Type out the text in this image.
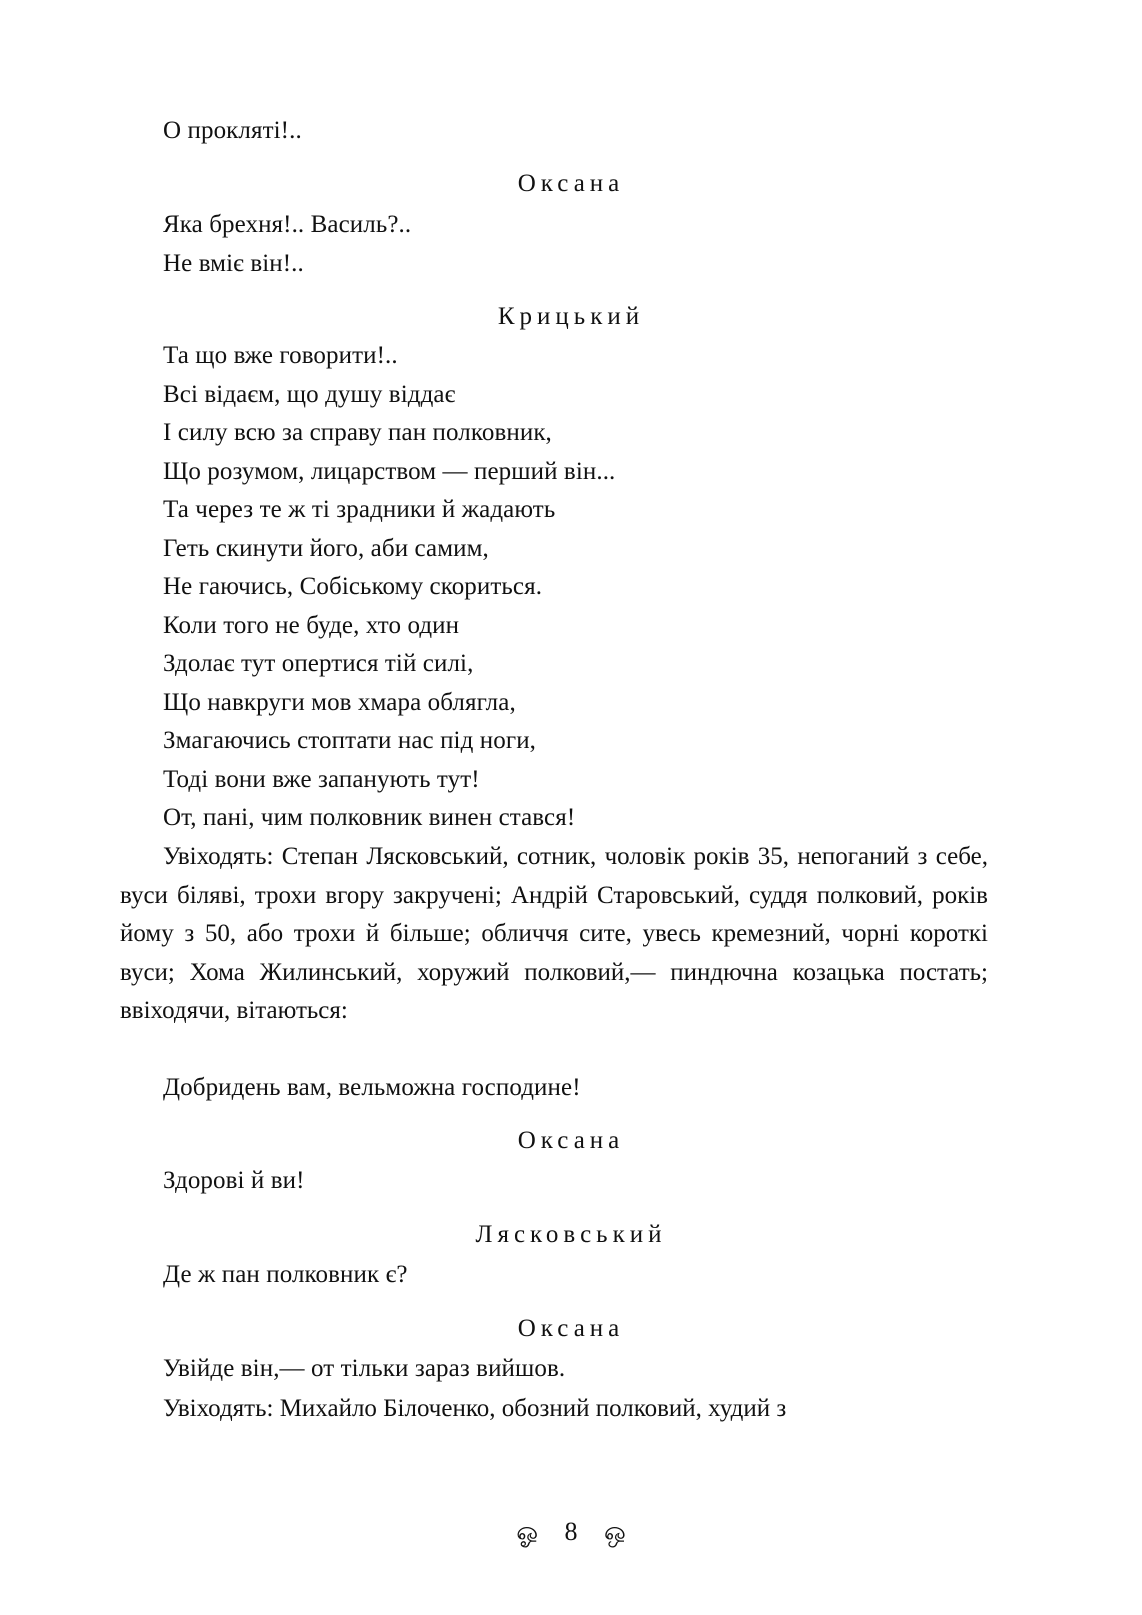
О прокляті!..
Оксана
Яка брехня!.. Василь?..
Не вміє він!..
Крицький
Та що вже говорити!..
Всі відаєм, що душу віддає
І силу всю за справу пан полковник,
Що розумом, лицарством — перший він...
Та через те ж ті зрадники й жадають
Геть скинути його, аби самим,
Не гаючись, Собіському скориться.
Коли того не буде, хто один
Здолає тут опертися тій силі,
Що навкруги мов хмара облягла,
Змагаючись стоптати нас під ноги,
Тоді вони вже запанують тут!
От, пані, чим полковник винен стався!
Увіходять: Степан Лясковський, сотник, чоловік років 35, непоганий з себе, вуси біляві, трохи вгору закручені; Андрій Старовський, суддя полковий, років йому з 50, або трохи й більше; обличчя сите, увесь кремезний, чорні короткі вуси; Хома Жилинський, хоружий полковий,— пиндючна козацька постать; ввіходячи, вітаються:
Добридень вам, вельможна господине!
Оксана
Здорові й ви!
Лясковський
Де ж пан полковник є?
Оксана
Увійде він,— от тільки зараз вийшов.
Увіходять: Михайло Білоченко, обозний полковий, худий з
ஓ 8 ஒ
